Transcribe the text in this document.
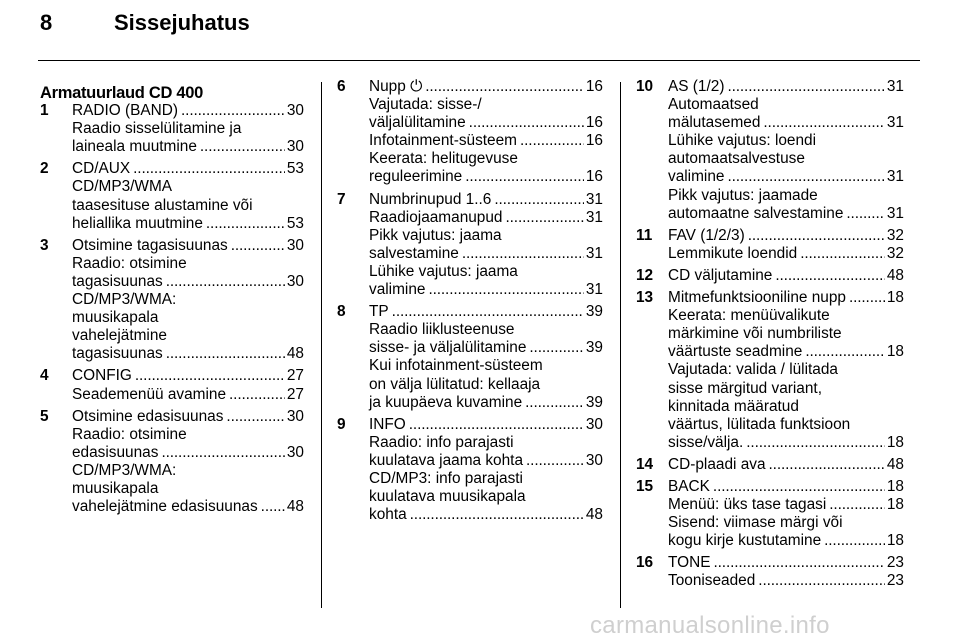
8	Sissejuhatus
Armatuurlaud CD 400
1 RADIO (BAND) . . .	30
Raadio sisselülitamine ja
laineala muutmine . . .	30
2 CD/AUX . . .	53
CD/MP3/WMA
taasesituse alustamine või
heliallika muutmine . . .	53
3 Otsimine tagasisuunas . . .	30
Raadio: otsimine
tagasisuunas . . .	30
CD/MP3/WMA:
muusikapala
vahelejätmine
tagasisuunas . . .	48
4 CONFIG . . .	27
Seademenüü avamine . . .	27
5 Otsimine edasisuunas . . .	30
Raadio: otsimine
edasisuunas . . .	30
CD/MP3/WMA:
muusikapala
vahelejätmine edasisuunas . . . 48
6 Nupp ⏻ . . .	16
Vajutada: sisse-/
väljalülitamine . . .	16
Infotainment-süsteem . . .	16
Keerata: helitugevuse
reguleerimine . . .	16
7 Numbrinupud 1..6 . . .	31
Raadiojaamanupud . . .	31
Pikk vajutus: jaama
salvestamine . . .	31
Lühike vajutus: jaama
valimine . . .	31
8 TP . . .	39
Raadio liiklusteenuse
sisse- ja väljalülitamine . . .	39
Kui infotainment-süsteem
on välja lülitatud: kellaaja
ja kuupäeva kuvamine . . .	39
9 INFO . . .	30
Raadio: info parajasti
kuulatava jaama kohta . . .	30
CD/MP3: info parajasti
kuulatava muusikapala
kohta . . .	48
10 AS (1/2) . . .	31
Automaatsed
mälutasemed . . .	31
Lühike vajutus: loendi
automaatsalvestuse
valimine . . .	31
Pikk vajutus: jaamade
automaatne salvestamine . . .	31
11 FAV (1/2/3) . . .	32
Lemmikute loendid . . .	32
12 CD väljutamine . . .	48
13 Mitmefunktsiooniline nupp . . .	18
Keerata: menüüvalikute
märkimine või numbriliste
väärtuste seadmine . . .	18
Vajutada: valida / lülitada
sisse märgitud variant,
kinnitada määratud
väärtus, lülitada funktsioon
sisse/välja. . . .	18
14 CD-plaadi ava . . .	48
15 BACK . . .	18
Menüü: üks tase tagasi . . .	18
Sisend: viimase märgi või
kogu kirje kustutamine . . .	18
16 TONE . . .	23
Tooniseaded . . .	23
carmanualsonline.info
